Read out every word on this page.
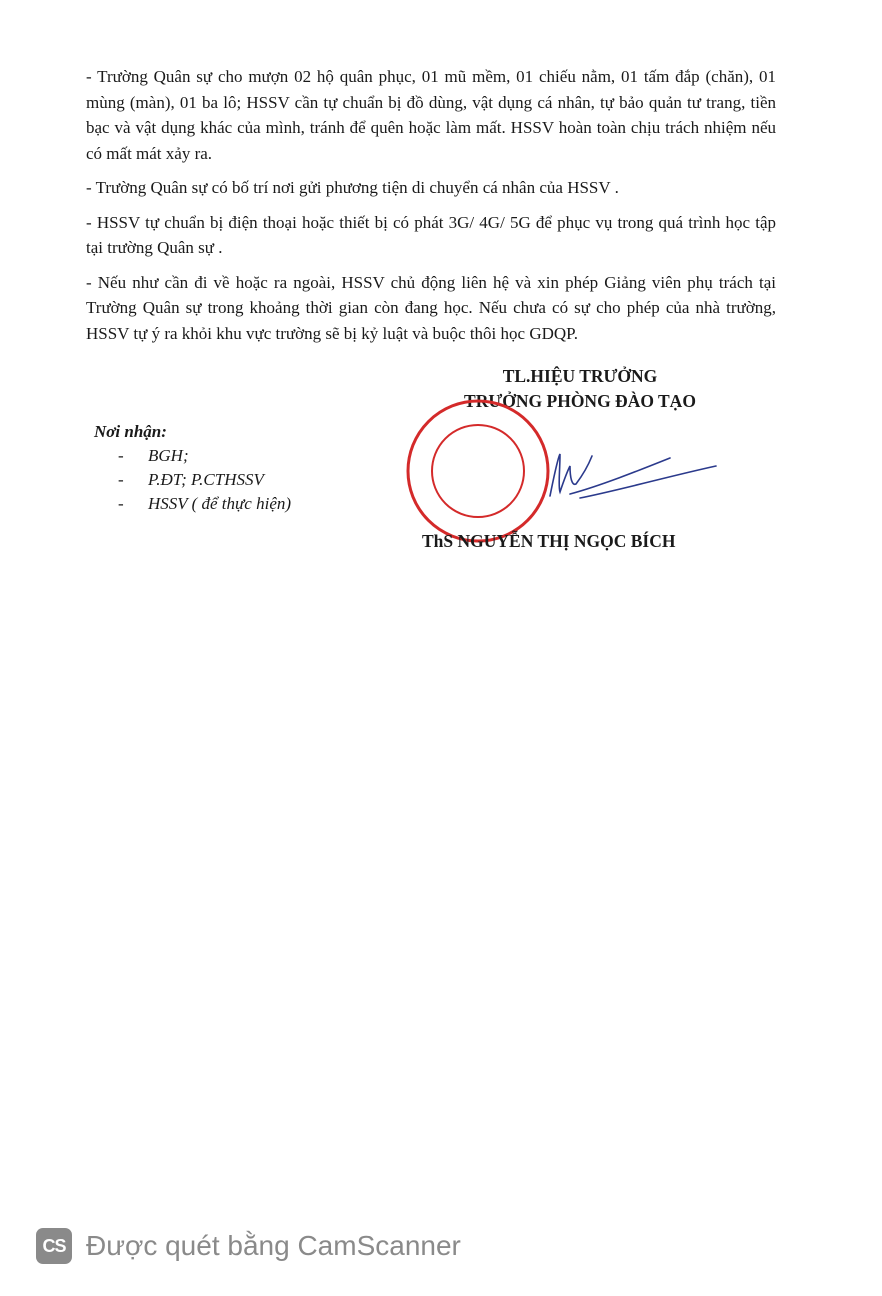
- Trường Quân sự cho mượn 02 hộ quân phục, 01 mũ mềm, 01 chiếu nằm, 01 tấm đắp (chăn), 01 mùng (màn), 01 ba lô; HSSV cần tự chuẩn bị đồ dùng, vật dụng cá nhân, tự bảo quản tư trang, tiền bạc và vật dụng khác của mình, tránh để quên hoặc làm mất. HSSV hoàn toàn chịu trách nhiệm nếu có mất mát xảy ra.

- Trường Quân sự có bố trí nơi gửi phương tiện di chuyển cá nhân của HSSV .

- HSSV tự chuẩn bị điện thoại hoặc thiết bị có phát 3G/ 4G/ 5G để phục vụ trong quá trình học tập tại trường Quân sự .

- Nếu như cần đi về hoặc ra ngoài, HSSV chủ động liên hệ và xin phép Giảng viên phụ trách tại Trường Quân sự trong khoảng thời gian còn đang học. Nếu chưa có sự cho phép của nhà trường, HSSV tự ý ra khỏi khu vực trường sẽ bị kỷ luật và buộc thôi học GDQP.

Nơi nhận:
- BGH;
- P.ĐT; P.CTHSSV
- HSSV ( để thực hiện)
TL.HIỆU TRƯỞNG
TRƯỞNG PHÒNG ĐÀO TẠO
ThS NGUYỄN THỊ NGỌC BÍCH
CS Được quét bằng CamScanner
